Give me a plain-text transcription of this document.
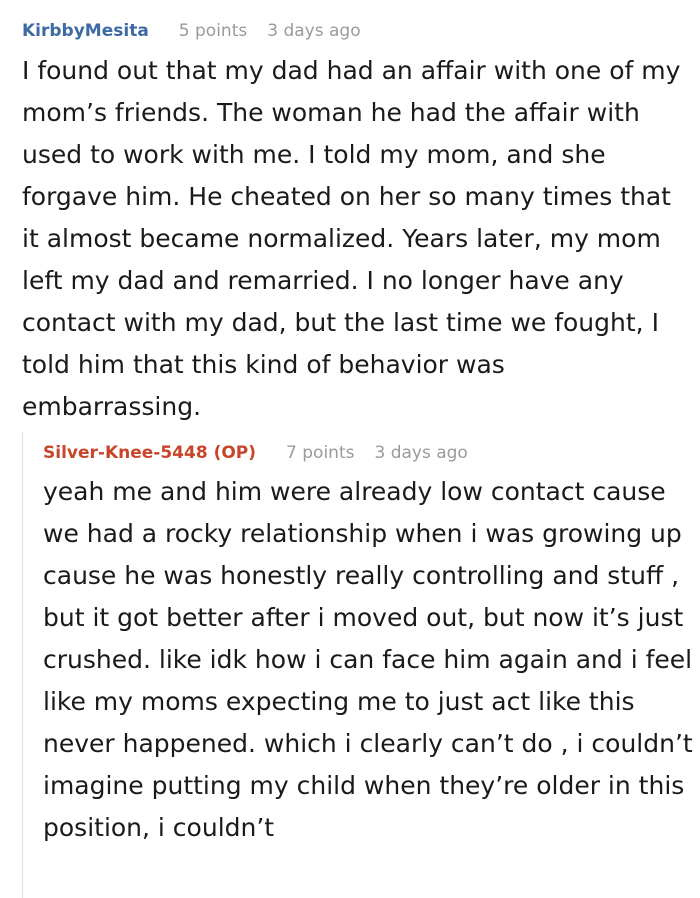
KirbbyMesita 5 points 3 days ago

I found out that my dad had an affair with one of my mom’s friends. The woman he had the affair with used to work with me. I told my mom, and she forgave him. He cheated on her so many times that it almost became normalized. Years later, my mom left my dad and remarried. I no longer have any contact with my dad, but the last time we fought, I told him that this kind of behavior was embarrassing.

Silver-Knee-5448 (OP) 7 points 3 days ago

yeah me and him were already low contact cause we had a rocky relationship when i was growing up cause he was honestly really controlling and stuff , but it got better after i moved out, but now it’s just crushed. like idk how i can face him again and i feel like my moms expecting me to just act like this never happened. which i clearly can’t do , i couldn’t imagine putting my child when they’re older in this position, i couldn’t
